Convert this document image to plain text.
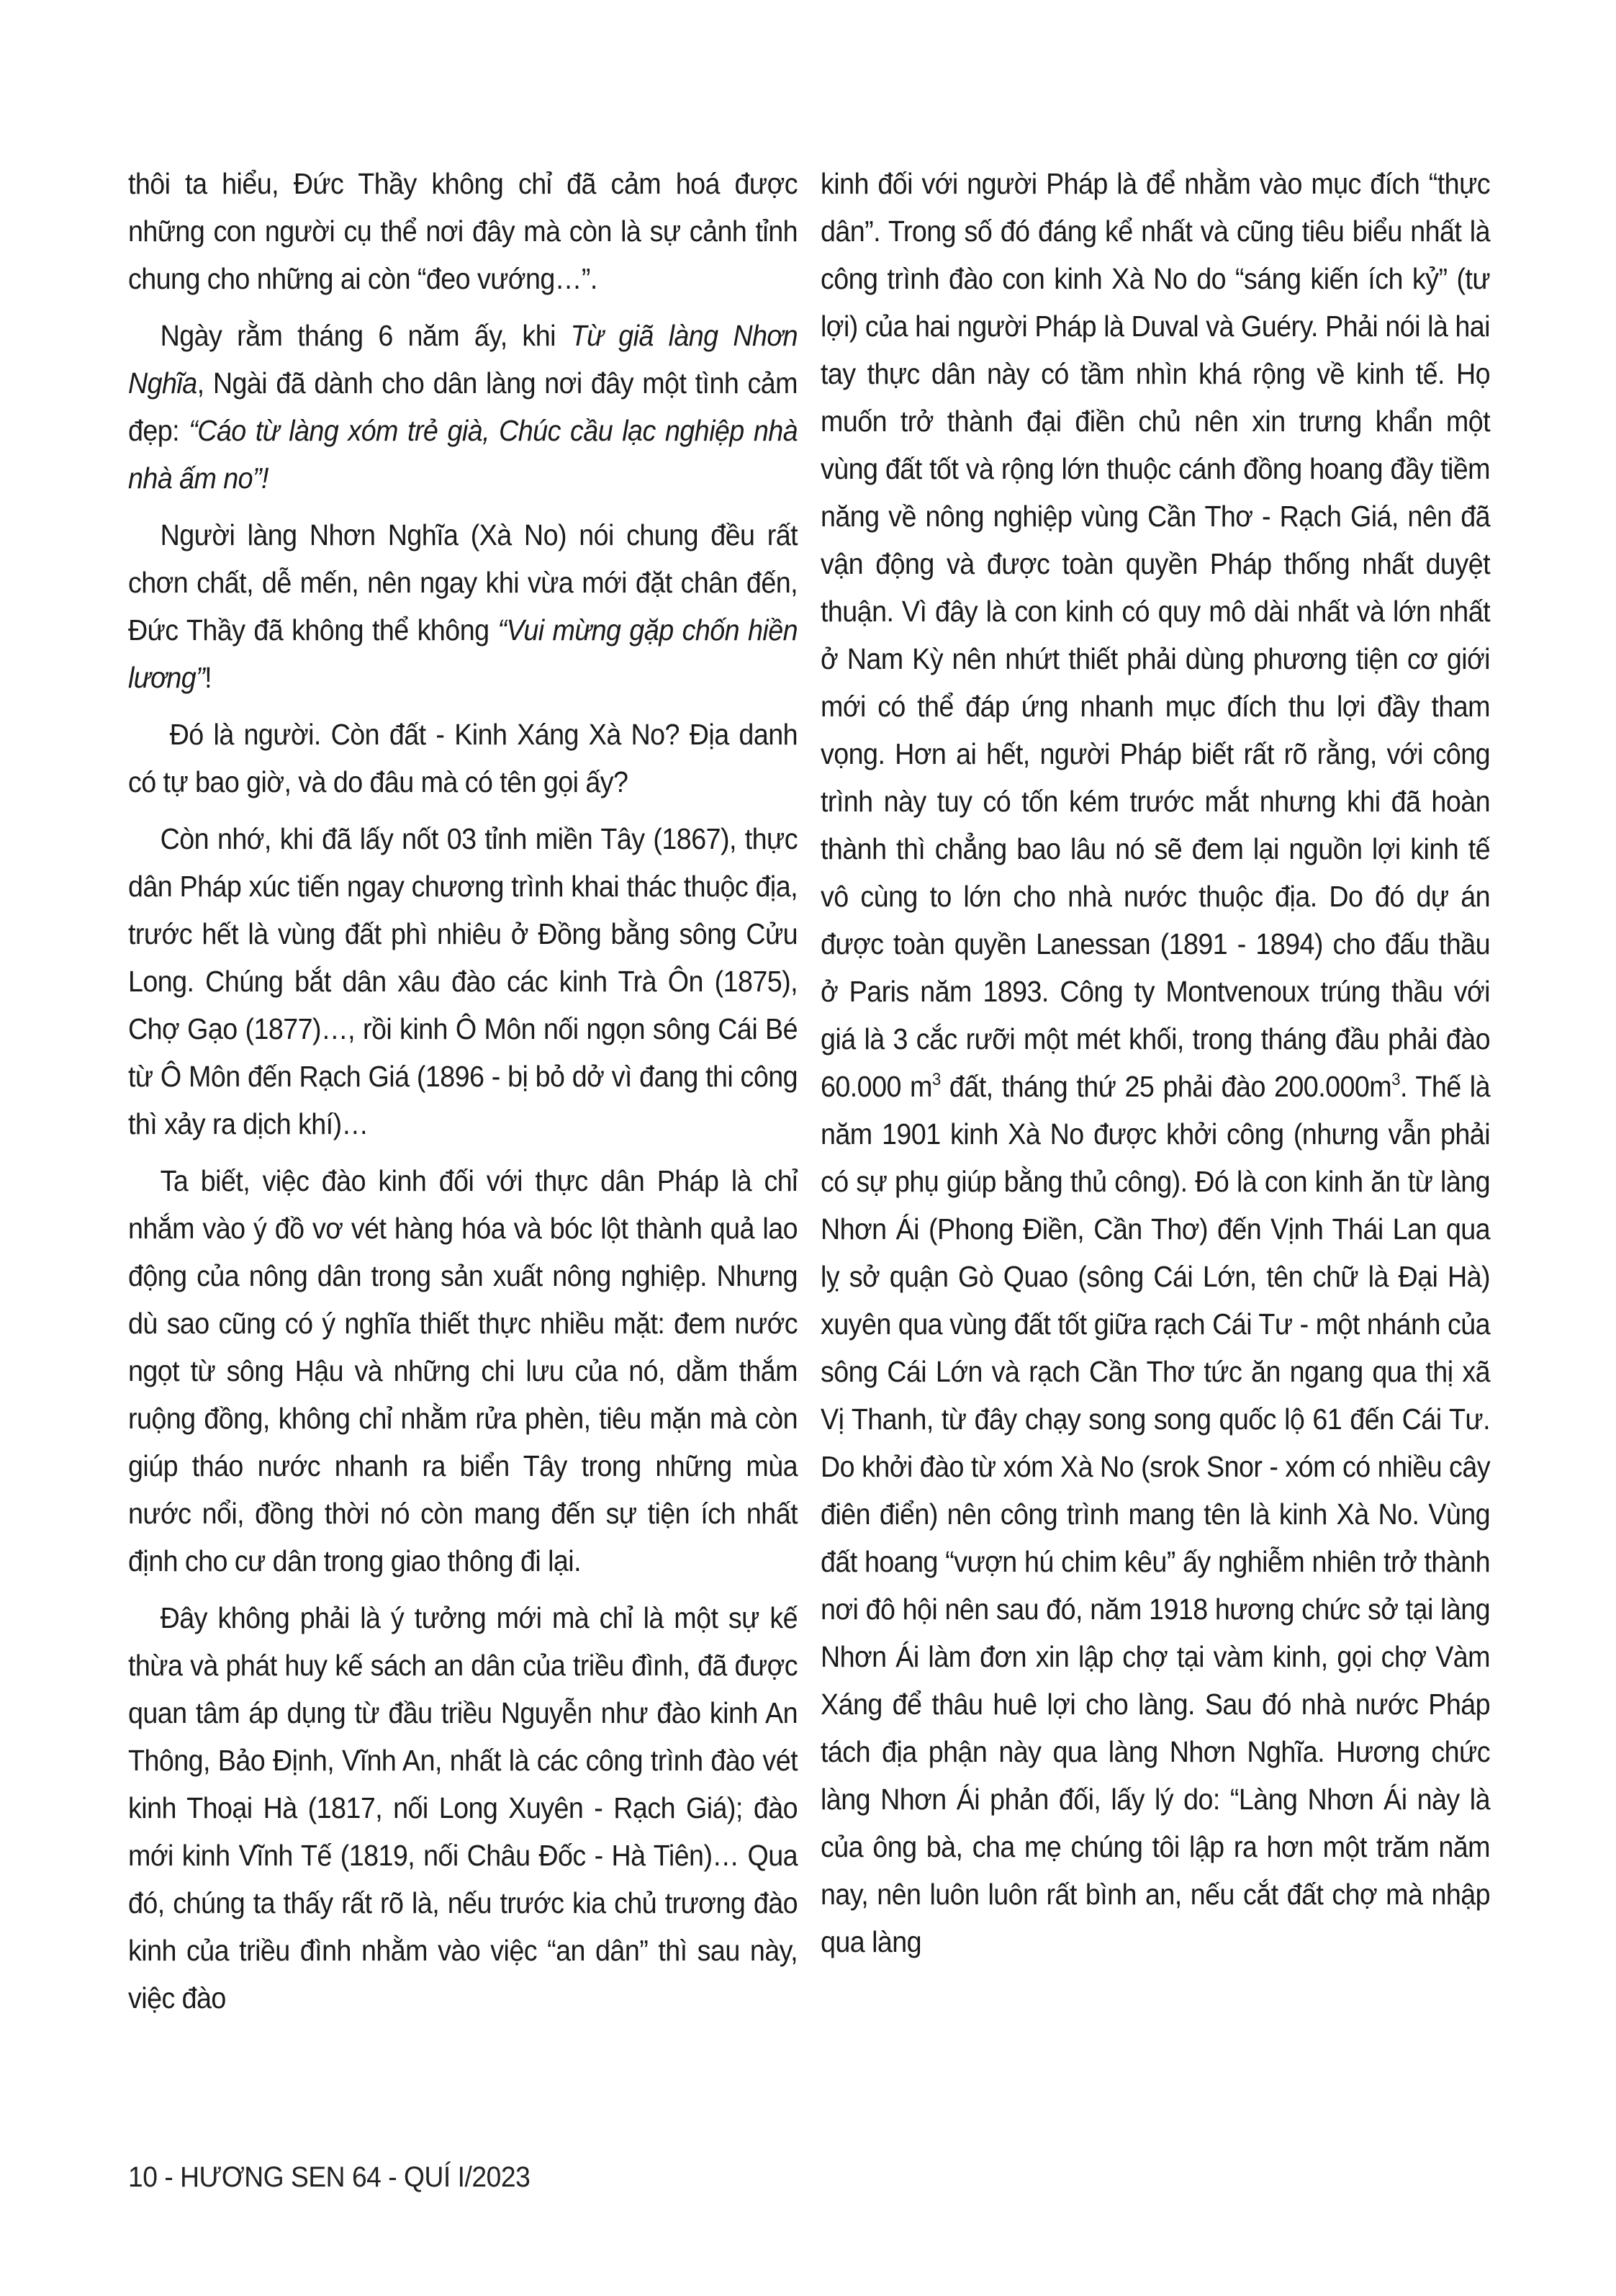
thôi ta hiểu, Đức Thầy không chỉ đã cảm hoá được những con người cụ thể nơi đây mà còn là sự cảnh tỉnh chung cho những ai còn “đeo vướng…”.

Ngày rằm tháng 6 năm ấy, khi Từ giã làng Nhơn Nghĩa, Ngài đã dành cho dân làng nơi đây một tình cảm đẹp: “Cáo từ làng xóm trẻ già, Chúc cầu lạc nghiệp nhà nhà ấm no”!

Người làng Nhơn Nghĩa (Xà No) nói chung đều rất chơn chất, dễ mến, nên ngay khi vừa mới đặt chân đến, Đức Thầy đã không thể không “Vui mừng gặp chốn hiền lương”!

Đó là người. Còn đất - Kinh Xáng Xà No? Địa danh có tự bao giờ, và do đâu mà có tên gọi ấy?

Còn nhớ, khi đã lấy nốt 03 tỉnh miền Tây (1867), thực dân Pháp xúc tiến ngay chương trình khai thác thuộc địa, trước hết là vùng đất phì nhiêu ở Đồng bằng sông Cửu Long. Chúng bắt dân xâu đào các kinh Trà Ôn (1875), Chợ Gạo (1877)…, rồi kinh Ô Môn nối ngọn sông Cái Bé từ Ô Môn đến Rạch Giá (1896 - bị bỏ dở vì đang thi công thì xảy ra dịch khí)…

Ta biết, việc đào kinh đối với thực dân Pháp là chỉ nhắm vào ý đồ vơ vét hàng hóa và bóc lột thành quả lao động của nông dân trong sản xuất nông nghiệp. Nhưng dù sao cũng có ý nghĩa thiết thực nhiều mặt: đem nước ngọt từ sông Hậu và những chi lưu của nó, dằm thắm ruộng đồng, không chỉ nhằm rửa phèn, tiêu mặn mà còn giúp tháo nước nhanh ra biển Tây trong những mùa nước nổi, đồng thời nó còn mang đến sự tiện ích nhất định cho cư dân trong giao thông đi lại.

Đây không phải là ý tưởng mới mà chỉ là một sự kế thừa và phát huy kế sách an dân của triều đình, đã được quan tâm áp dụng từ đầu triều Nguyễn như đào kinh An Thông, Bảo Định, Vĩnh An, nhất là các công trình đào vét kinh Thoại Hà (1817, nối Long Xuyên - Rạch Giá); đào mới kinh Vĩnh Tế (1819, nối Châu Đốc - Hà Tiên)… Qua đó, chúng ta thấy rất rõ là, nếu trước kia chủ trương đào kinh của triều đình nhằm vào việc “an dân” thì sau này, việc đào

kinh đối với người Pháp là để nhằm vào mục đích “thực dân”. Trong số đó đáng kể nhất và cũng tiêu biểu nhất là công trình đào con kinh Xà No do “sáng kiến ích kỷ” (tư lợi) của hai người Pháp là Duval và Guéry. Phải nói là hai tay thực dân này có tầm nhìn khá rộng về kinh tế. Họ muốn trở thành đại điền chủ nên xin trưng khẩn một vùng đất tốt và rộng lớn thuộc cánh đồng hoang đầy tiềm năng về nông nghiệp vùng Cần Thơ - Rạch Giá, nên đã vận động và được toàn quyền Pháp thống nhất duyệt thuận. Vì đây là con kinh có quy mô dài nhất và lớn nhất ở Nam Kỳ nên nhứt thiết phải dùng phương tiện cơ giới mới có thể đáp ứng nhanh mục đích thu lợi đầy tham vọng. Hơn ai hết, người Pháp biết rất rõ rằng, với công trình này tuy có tốn kém trước mắt nhưng khi đã hoàn thành thì chẳng bao lâu nó sẽ đem lại nguồn lợi kinh tế vô cùng to lớn cho nhà nước thuộc địa. Do đó dự án được toàn quyền Lanessan (1891 - 1894) cho đấu thầu ở Paris năm 1893. Công ty Montvenoux trúng thầu với giá là 3 cắc rưỡi một mét khối, trong tháng đầu phải đào 60.000 $m^3$ đất, tháng thứ 25 phải đào $200.000m^3$. Thế là năm 1901 kinh Xà No được khởi công (nhưng vẫn phải có sự phụ giúp bằng thủ công). Đó là con kinh ăn từ làng Nhơn Ái (Phong Điền, Cần Thơ) đến Vịnh Thái Lan qua lỵ sở quận Gò Quao (sông Cái Lớn, tên chữ là Đại Hà) xuyên qua vùng đất tốt giữa rạch Cái Tư - một nhánh của sông Cái Lớn và rạch Cần Thơ tức ăn ngang qua thị xã Vị Thanh, từ đây chạy song song quốc lộ 61 đến Cái Tư. Do khởi đào từ xóm Xà No (srok Snor - xóm có nhiều cây điên điển) nên công trình mang tên là kinh Xà No. Vùng đất hoang “vượn hú chim kêu” ấy nghiễm nhiên trở thành nơi đô hội nên sau đó, năm 1918 hương chức sở tại làng Nhơn Ái làm đơn xin lập chợ tại vàm kinh, gọi chợ Vàm Xáng để thâu huê lợi cho làng. Sau đó nhà nước Pháp tách địa phận này qua làng Nhơn Nghĩa. Hương chức làng Nhơn Ái phản đối, lấy lý do: “Làng Nhơn Ái này là của ông bà, cha mẹ chúng tôi lập ra hơn một trăm năm nay, nên luôn luôn rất bình an, nếu cắt đất chợ mà nhập qua làng

10 - HƯƠNG SEN 64 - QUÍ I/2023
